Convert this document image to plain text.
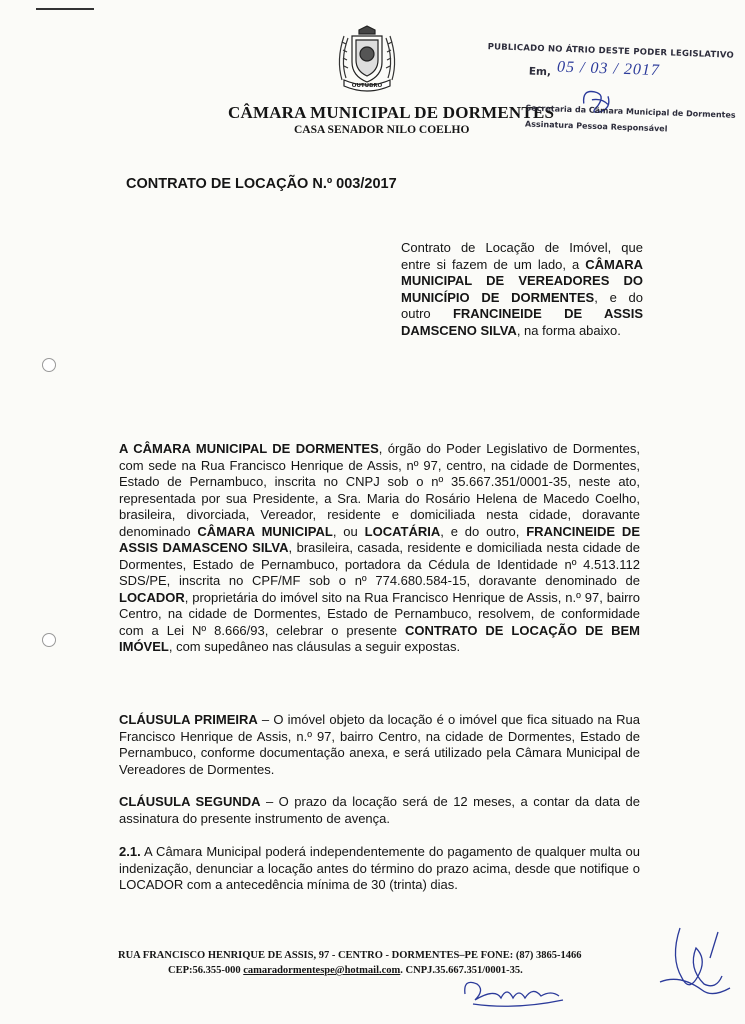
OUTUBRO
CÂMARA MUNICIPAL DE DORMENTES
CASA SENADOR NILO COELHO
PUBLICADO NO ÁTRIO DESTE PODER LEGISLATIVO
Em, 05 / 03 / 2017
Secretaria da Câmara Municipal de Dormentes
Assinatura Pessoa Responsável
CONTRATO DE LOCAÇÃO N.º 003/2017
Contrato de Locação de Imóvel, que entre si fazem de um lado, a CÂMARA MUNICIPAL DE VEREADORES DO MUNICÍPIO DE DORMENTES, e do outro FRANCINEIDE DE ASSIS DAMSCENO SILVA, na forma abaixo.
A CÂMARA MUNICIPAL DE DORMENTES, órgão do Poder Legislativo de Dormentes, com sede na Rua Francisco Henrique de Assis, nº 97, centro, na cidade de Dormentes, Estado de Pernambuco, inscrita no CNPJ sob o nº 35.667.351/0001-35, neste ato, representada por sua Presidente, a Sra. Maria do Rosário Helena de Macedo Coelho, brasileira, divorciada, Vereador, residente e domiciliada nesta cidade, doravante denominado CÂMARA MUNICIPAL, ou LOCATÁRIA, e do outro, FRANCINEIDE DE ASSIS DAMASCENO SILVA, brasileira, casada, residente e domiciliada nesta cidade de Dormentes, Estado de Pernambuco, portadora da Cédula de Identidade nº 4.513.112 SDS/PE, inscrita no CPF/MF sob o nº 774.680.584-15, doravante denominado de LOCADOR, proprietária do imóvel sito na Rua Francisco Henrique de Assis, n.º 97, bairro Centro, na cidade de Dormentes, Estado de Pernambuco, resolvem, de conformidade com a Lei Nº 8.666/93, celebrar o presente CONTRATO DE LOCAÇÃO DE BEM IMÓVEL, com supedâneo nas cláusulas a seguir expostas.
CLÁUSULA PRIMEIRA – O imóvel objeto da locação é o imóvel que fica situado na Rua Francisco Henrique de Assis, n.º 97, bairro Centro, na cidade de Dormentes, Estado de Pernambuco, conforme documentação anexa, e será utilizado pela Câmara Municipal de Vereadores de Dormentes.
CLÁUSULA SEGUNDA – O prazo da locação será de 12 meses, a contar da data de assinatura do presente instrumento de avença.
2.1. A Câmara Municipal poderá independentemente do pagamento de qualquer multa ou indenização, denunciar a locação antes do término do prazo acima, desde que notifique o LOCADOR com a antecedência mínima de 30 (trinta) dias.
RUA FRANCISCO HENRIQUE DE ASSIS, 97 - CENTRO - DORMENTES–PE FONE: (87) 3865-1466
CEP:56.355-000 camaradormentespe@hotmail.com. CNPJ.35.667.351/0001-35.
